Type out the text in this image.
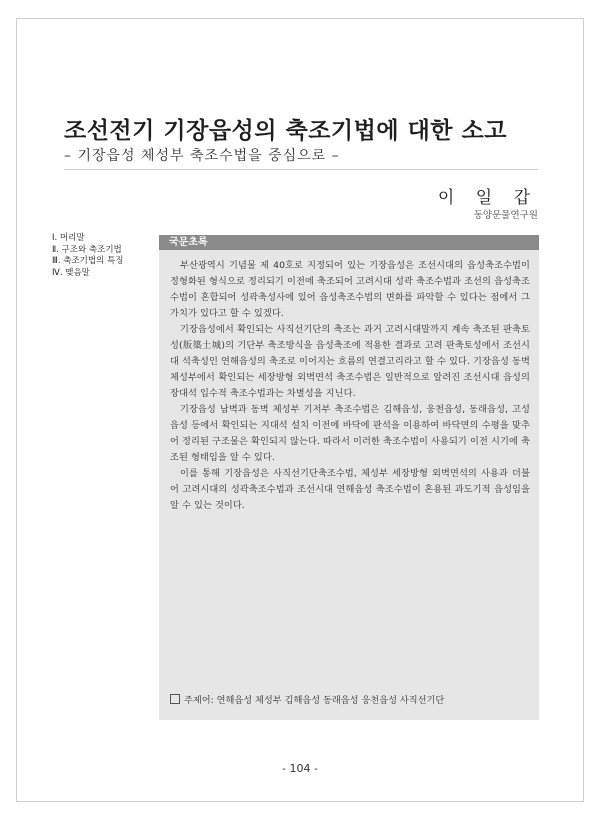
조선전기 기장읍성의 축조기법에 대한 소고
– 기장읍성 체성부 축조수법을 중심으로 –
이 일 갑
동양문물연구원
Ⅰ. 머리말
Ⅱ. 구조와 축조기법
Ⅲ. 축조기법의 특징
Ⅳ. 맺음말
국문초록

부산광역시 기념물 제 40호로 지정되어 있는 기장읍성은 조선시대의 읍성축조수법이 정형화된 형식으로 정리되기 이전에 축조되어 고려시대 성곽 축조수법과 조선의 읍성축조수법이 혼합되어 성곽축성사에 있어 읍성축조수법의 변화를 파악할 수 있다는 점에서 그 가치가 있다고 할 수 있겠다.

기장읍성에서 확인되는 사직선기단의 축조는 과거 고려시대말까지 계속 축조된 판축토성(版築土城)의 기단부 축조방식을 읍성축조에 적용한 결과로 고려 판축토성에서 조선시대 석축성인 연해읍성의 축조로 이어지는 흐름의 연결고리라고 할 수 있다. 기장읍성 동벽 체성부에서 확인되는 세장방형 외벽면석 축조수법은 일반적으로 알려진 조선시대 읍성의 장대석 입수적 축조수법과는 차별성을 지닌다.

기장읍성 남벽과 동벽 체성부 기저부 축조수법은 김해읍성, 웅천읍성, 동래읍성, 고성읍성 등에서 확인되는 지대석 설치 이전에 바닥에 판석을 이용하여 바닥면의 수평을 맞추어 정리된 구조물은 확인되지 않는다. 따라서 이러한 축조수법이 사용되기 이전 시기에 축조된 형태임을 알 수 있다.

이를 통해 기장읍성은 사직선기단축조수법, 체성부 세장방형 외벽면석의 사용과 더불어 고려시대의 성곽축조수법과 조선시대 연해읍성 축조수법이 혼용된 과도기적 읍성임을 알 수 있는 것이다.

주제어: 연해읍성 체성부 김해읍성 동래읍성 웅천읍성 사직선기단
- 104 -
